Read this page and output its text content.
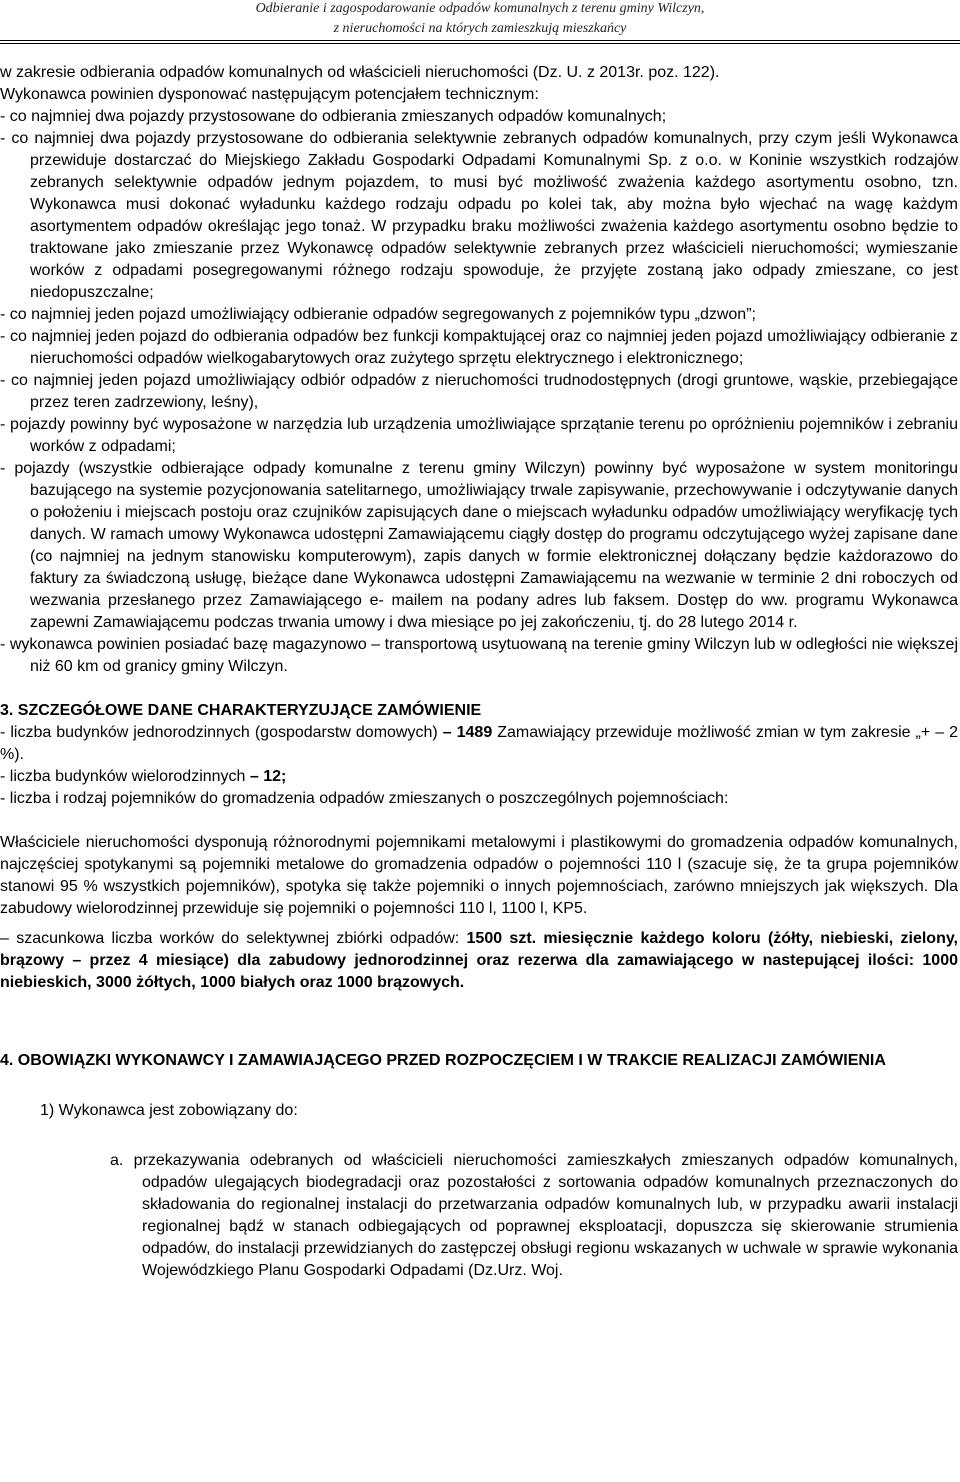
Odbieranie i zagospodarowanie odpadów komunalnych z terenu gminy Wilczyn,
z nieruchomości na których zamieszkują mieszkańcy

w zakresie odbierania odpadów komunalnych od właścicieli nieruchomości (Dz. U. z 2013r. poz. 122).

Wykonawca powinien dysponować następującym potencjałem technicznym:

- co najmniej dwa pojazdy przystosowane do odbierania zmieszanych odpadów komunalnych;

- co najmniej dwa pojazdy przystosowane do odbierania selektywnie zebranych odpadów komunalnych, przy czym jeśli Wykonawca przewiduje dostarczać do Miejskiego Zakładu Gospodarki Odpadami Komunalnymi Sp. z o.o. w Koninie wszystkich rodzajów zebranych selektywnie odpadów jednym pojazdem, to musi być możliwość zważenia każdego asortymentu osobno, tzn. Wykonawca musi dokonać wyładunku każdego rodzaju odpadu po kolei tak, aby można było wjechać na wagę każdym asortymentem odpadów określając jego tonaż. W przypadku braku możliwości zważenia każdego asortymentu osobno będzie to traktowane jako zmieszanie przez Wykonawcę odpadów selektywnie zebranych przez właścicieli nieruchomości; wymieszanie worków z odpadami posegregowanymi różnego rodzaju spowoduje, że przyjęte zostaną jako odpady zmieszane, co jest niedopuszczalne;

- co najmniej jeden pojazd umożliwiający odbieranie odpadów segregowanych z pojemników typu „dzwon”;

- co najmniej jeden pojazd do odbierania odpadów bez funkcji kompaktującej oraz co najmniej jeden pojazd umożliwiający odbieranie z nieruchomości odpadów wielkogabarytowych oraz zużytego sprzętu elektrycznego i elektronicznego;

- co najmniej jeden pojazd umożliwiający odbiór odpadów z nieruchomości trudnodostępnych (drogi gruntowe, wąskie, przebiegające przez teren zadrzewiony, leśny),

- pojazdy powinny być wyposażone w narzędzia lub urządzenia umożliwiające sprzątanie terenu po opróżnieniu pojemników i zebraniu worków z odpadami;

- pojazdy (wszystkie odbierające odpady komunalne z terenu gminy Wilczyn) powinny być wyposażone w system monitoringu bazującego na systemie pozycjonowania satelitarnego, umożliwiający trwale zapisywanie, przechowywanie i odczytywanie danych o położeniu i miejscach postoju oraz czujników zapisujących dane o miejscach wyładunku odpadów umożliwiający weryfikację tych danych. W ramach umowy Wykonawca udostępni Zamawiającemu ciągły dostęp do programu odczytującego wyżej zapisane dane (co najmniej na jednym stanowisku komputerowym), zapis danych w formie elektronicznej dołączany będzie każdorazowo do faktury za świadczoną usługę, bieżące dane Wykonawca udostępni Zamawiającemu na wezwanie w terminie 2 dni roboczych od wezwania przesłanego przez Zamawiającego e- mailem na podany adres lub faksem. Dostęp do ww. programu Wykonawca zapewni Zamawiającemu podczas trwania umowy i dwa miesiące po jej zakończeniu, tj. do 28 lutego 2014 r.

- wykonawca powinien posiadać bazę magazynowo – transportową usytuowaną na terenie gminy Wilczyn lub w odległości nie większej niż 60 km od granicy gminy Wilczyn.

3. SZCZEGÓŁOWE DANE CHARAKTERYZUJĄCE ZAMÓWIENIE

- liczba budynków jednorodzinnych (gospodarstw domowych) – 1489 Zamawiający przewiduje możliwość zmian w tym zakresie „+ – 2 %).

- liczba budynków wielorodzinnych – 12;

- liczba i rodzaj pojemników do gromadzenia odpadów zmieszanych o poszczególnych pojemnościach:

Właściciele nieruchomości dysponują różnorodnymi pojemnikami metalowymi i plastikowymi do gromadzenia odpadów komunalnych, najczęściej spotykanymi są pojemniki metalowe do gromadzenia odpadów o pojemności 110 l (szacuje się, że ta grupa pojemników stanowi 95 % wszystkich pojemników), spotyka się także pojemniki o innych pojemnościach, zarówno mniejszych jak większych. Dla zabudowy wielorodzinnej przewiduje się pojemniki o pojemności 110 l, 1100 l, KP5.

– szacunkowa liczba worków do selektywnej zbiórki odpadów: 1500 szt. miesięcznie każdego koloru (żółty, niebieski, zielony, brązowy – przez 4 miesiące) dla zabudowy jednorodzinnej oraz rezerwa dla zamawiającego w nastepującej ilości: 1000 niebieskich, 3000 żółtych, 1000 białych oraz 1000 brązowych.

4. OBOWIĄZKI WYKONAWCY I ZAMAWIAJĄCEGO PRZED ROZPOCZĘCIEM I W TRAKCIE REALIZACJI ZAMÓWIENIA

1) Wykonawca jest zobowiązany do:

a. przekazywania odebranych od właścicieli nieruchomości zamieszkałych zmieszanych odpadów komunalnych, odpadów ulegających biodegradacji oraz pozostałości z sortowania odpadów komunalnych przeznaczonych do składowania do regionalnej instalacji do przetwarzania odpadów komunalnych lub, w przypadku awarii instalacji regionalnej bądź w stanach odbiegających od poprawnej eksploatacji, dopuszcza się skierowanie strumienia odpadów, do instalacji przewidzianych do zastępczej obsługi regionu wskazanych w uchwale w sprawie wykonania Wojewódzkiego Planu Gospodarki Odpadami (Dz.Urz. Woj.
